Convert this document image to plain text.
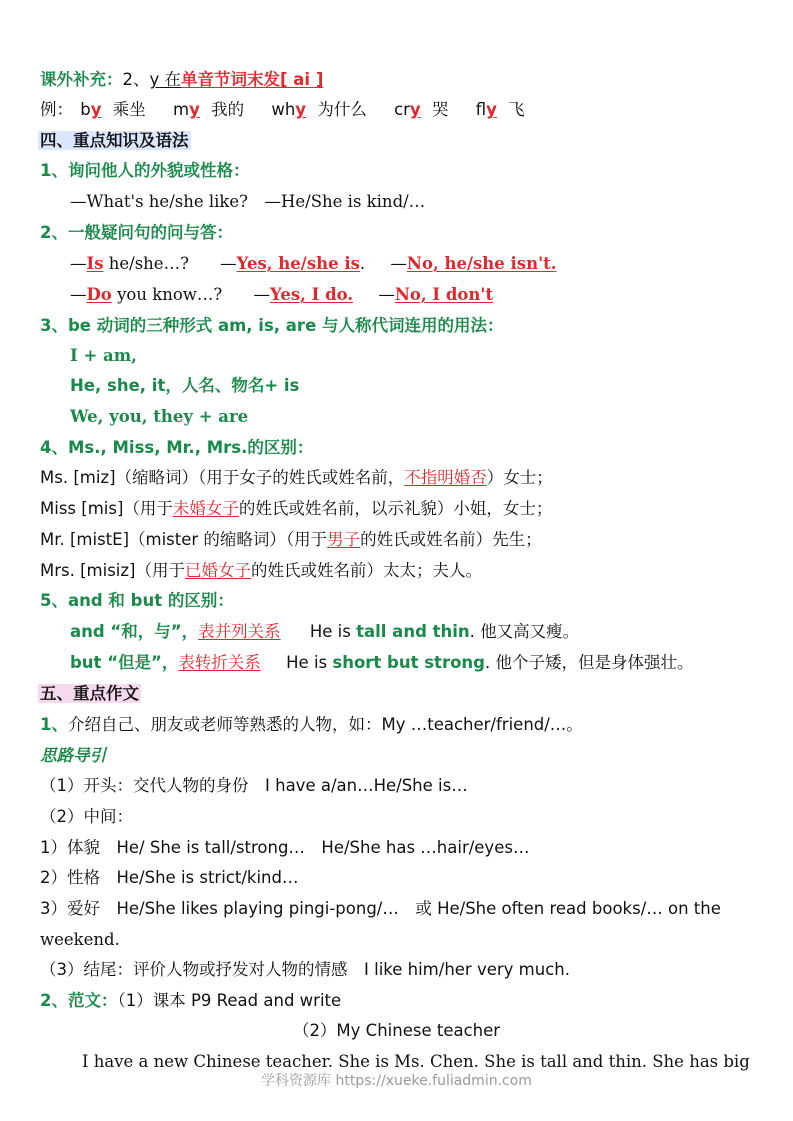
课外补充：2、y 在单音节词末发[ ai ]
例： by 乘坐 my 我的 why 为什么 cry 哭 fly 飞
四、重点知识及语法
1、询问他人的外貌或性格：
—What's he/she like?　—He/She is kind/…
2、一般疑问句的问与答：
—Is he/she…? —Yes, he/she is. —No, he/she isn't.
—Do you know…? —Yes, I do. —No, I don't
3、be 动词的三种形式 am, is, are 与人称代词连用的用法：
I + am,
He, she, it，人名、物名+ is
We, you, they + are
4、Ms., Miss, Mr., Mrs.的区别：
Ms. [miz]（缩略词）（用于女子的姓氏或姓名前，不指明婚否）女士；
Miss [mis]（用于未婚女子的姓氏或姓名前，以示礼貌）小姐，女士；
Mr. [mistE]（mister 的缩略词）（用于男子的姓氏或姓名前）先生；
Mrs. [misiz]（用于已婚女子的姓氏或姓名前）太太；夫人。
5、and 和 but 的区别：
and “和，与”，表并列关系 He is tall and thin. 他又高又瘦。
but “但是”，表转折关系 He is short but strong. 他个子矮，但是身体强壮。
五、重点作文
1、介绍自己、朋友或老师等熟悉的人物，如：My …teacher/friend/…。
思路导引
（1）开头：交代人物的身份　I have a/an…He/She is…
（2）中间：
1）体貌　He/ She is tall/strong…　He/She has …hair/eyes…
2）性格　He/She is strict/kind…
3）爱好　He/She likes playing pingi-pong/…　或 He/She often read books/… on the
weekend.
（3）结尾：评价人物或抒发对人物的情感　I like him/her very much.
2、范文：（1）课本 P9 Read and write
（2）My Chinese teacher
I have a new Chinese teacher. She is Ms. Chen. She is tall and thin. She has big
学科资源库 https://xueke.fuliadmin.com
